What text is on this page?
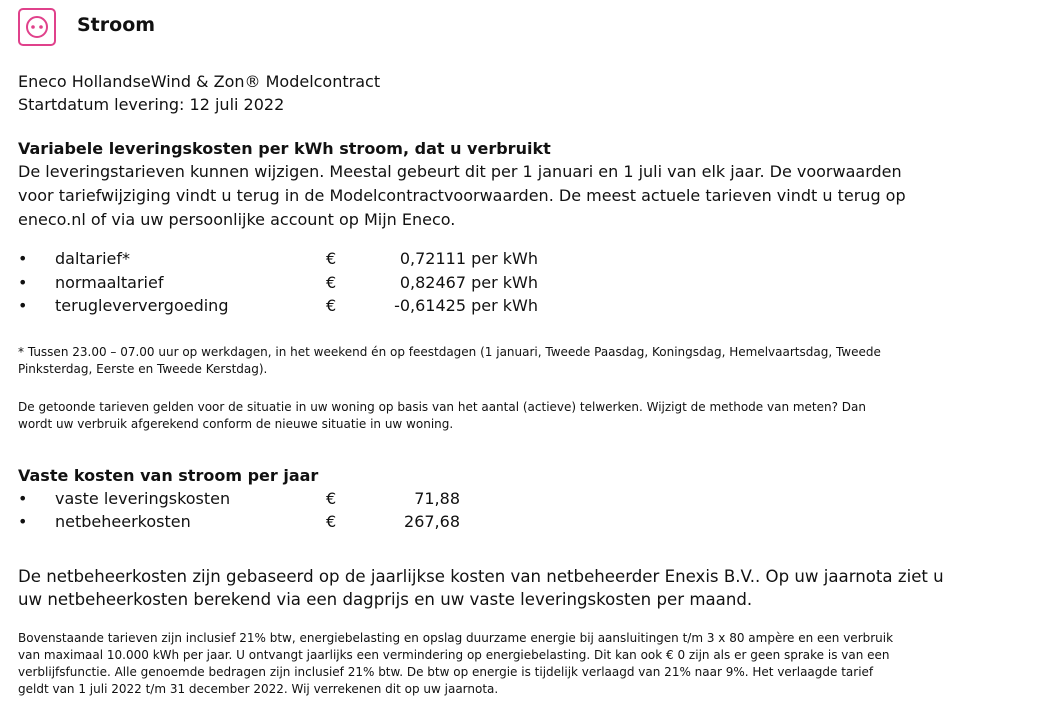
Stroom
Eneco HollandseWind & Zon® Modelcontract
Startdatum levering: 12 juli 2022
Variabele leveringskosten per kWh stroom, dat u verbruikt
De leveringstarieven kunnen wijzigen. Meestal gebeurt dit per 1 januari en 1 juli van elk jaar. De voorwaarden
voor tariefwijziging vindt u terug in de Modelcontractvoorwaarden. De meest actuele tarieven vindt u terug op
eneco.nl of via uw persoonlijke account op Mijn Eneco.
• daltarief*	€	0,72111 per kWh
• normaaltarief	€	0,82467 per kWh
• terugleververgoeding	€	-0,61425 per kWh
* Tussen 23.00 – 07.00 uur op werkdagen, in het weekend én op feestdagen (1 januari, Tweede Paasdag, Koningsdag, Hemelvaartsdag, Tweede
Pinksterdag, Eerste en Tweede Kerstdag).
De getoonde tarieven gelden voor de situatie in uw woning op basis van het aantal (actieve) telwerken. Wijzigt de methode van meten? Dan
wordt uw verbruik afgerekend conform de nieuwe situatie in uw woning.
Vaste kosten van stroom per jaar
• vaste leveringskosten	€	71,88
• netbeheerkosten	€	267,68
De netbeheerkosten zijn gebaseerd op de jaarlijkse kosten van netbeheerder Enexis B.V.. Op uw jaarnota ziet u
uw netbeheerkosten berekend via een dagprijs en uw vaste leveringskosten per maand.
Bovenstaande tarieven zijn inclusief 21% btw, energiebelasting en opslag duurzame energie bij aansluitingen t/m 3 x 80 ampère en een verbruik
van maximaal 10.000 kWh per jaar. U ontvangt jaarlijks een vermindering op energiebelasting. Dit kan ook € 0 zijn als er geen sprake is van een
verblijfsfunctie. Alle genoemde bedragen zijn inclusief 21% btw. De btw op energie is tijdelijk verlaagd van 21% naar 9%. Het verlaagde tarief
geldt van 1 juli 2022 t/m 31 december 2022. Wij verrekenen dit op uw jaarnota.
